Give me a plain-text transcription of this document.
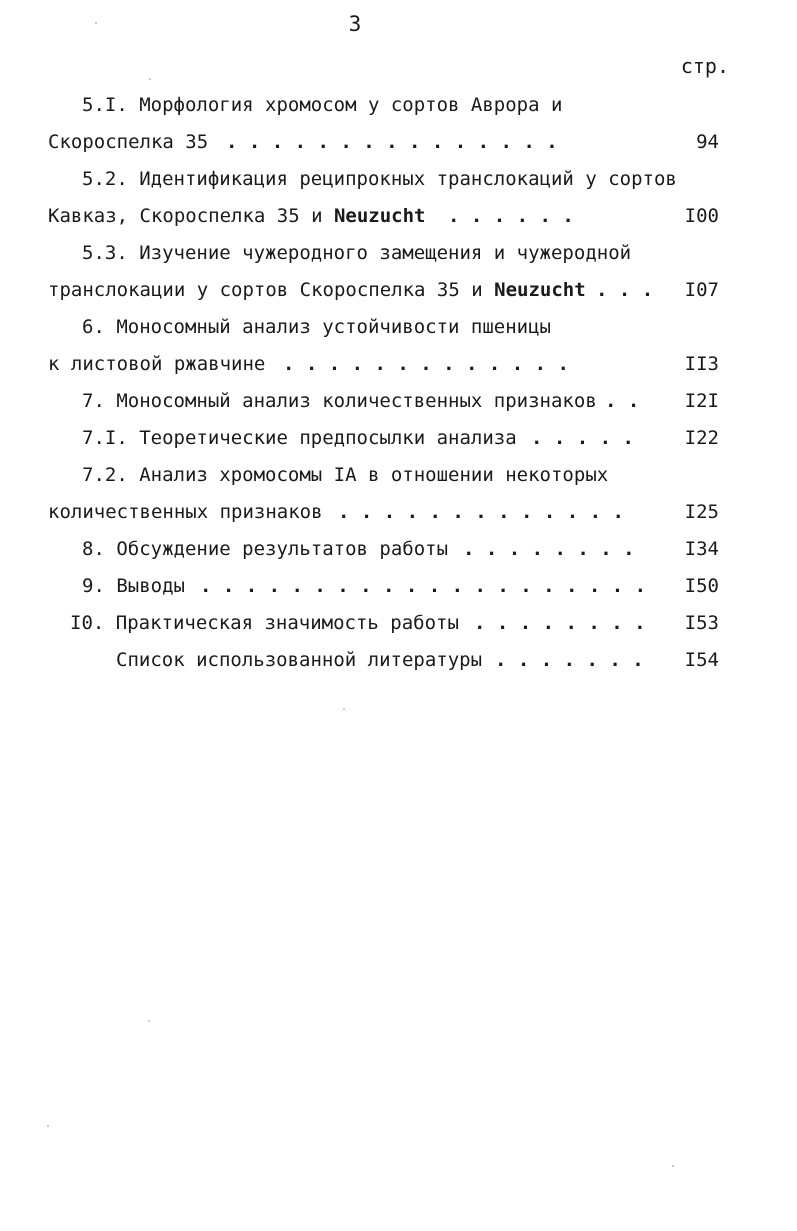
3
стр.
5.I. Морфология хромосом у сортов Аврора и
Скороспелка 35 . . . . . . . . . . . . . . .	94
5.2. Идентификация реципрокных транслокаций у сортов
Кавказ, Скороспелка 35 и Neuzucht . . . . . .	I00
5.3. Изучение чужеродного замещения и чужеродной
транслокации у сортов Скороспелка 35 и Neuzucht . . . I07
6. Моносомный анализ устойчивости пшеницы
к листовой ржавчине . . . . . . . . . . . . .	II3
7. Моносомный анализ количественных признаков . . I2I
7.I. Теоретические предпосылки анализа . . . . .	I22
7.2. Анализ хромосомы IA в отношении некоторых
количественных признаков . . . . . . . . . . . . .	I25
8. Обсуждение результатов работы . . . . . . . .	I34
9. Выводы . . . . . . . . . . . . . . . . . . . . I50
I0. Практическая значимость работы . . . . . . . . I53
Список использованной литературы . . . . . . . I54
